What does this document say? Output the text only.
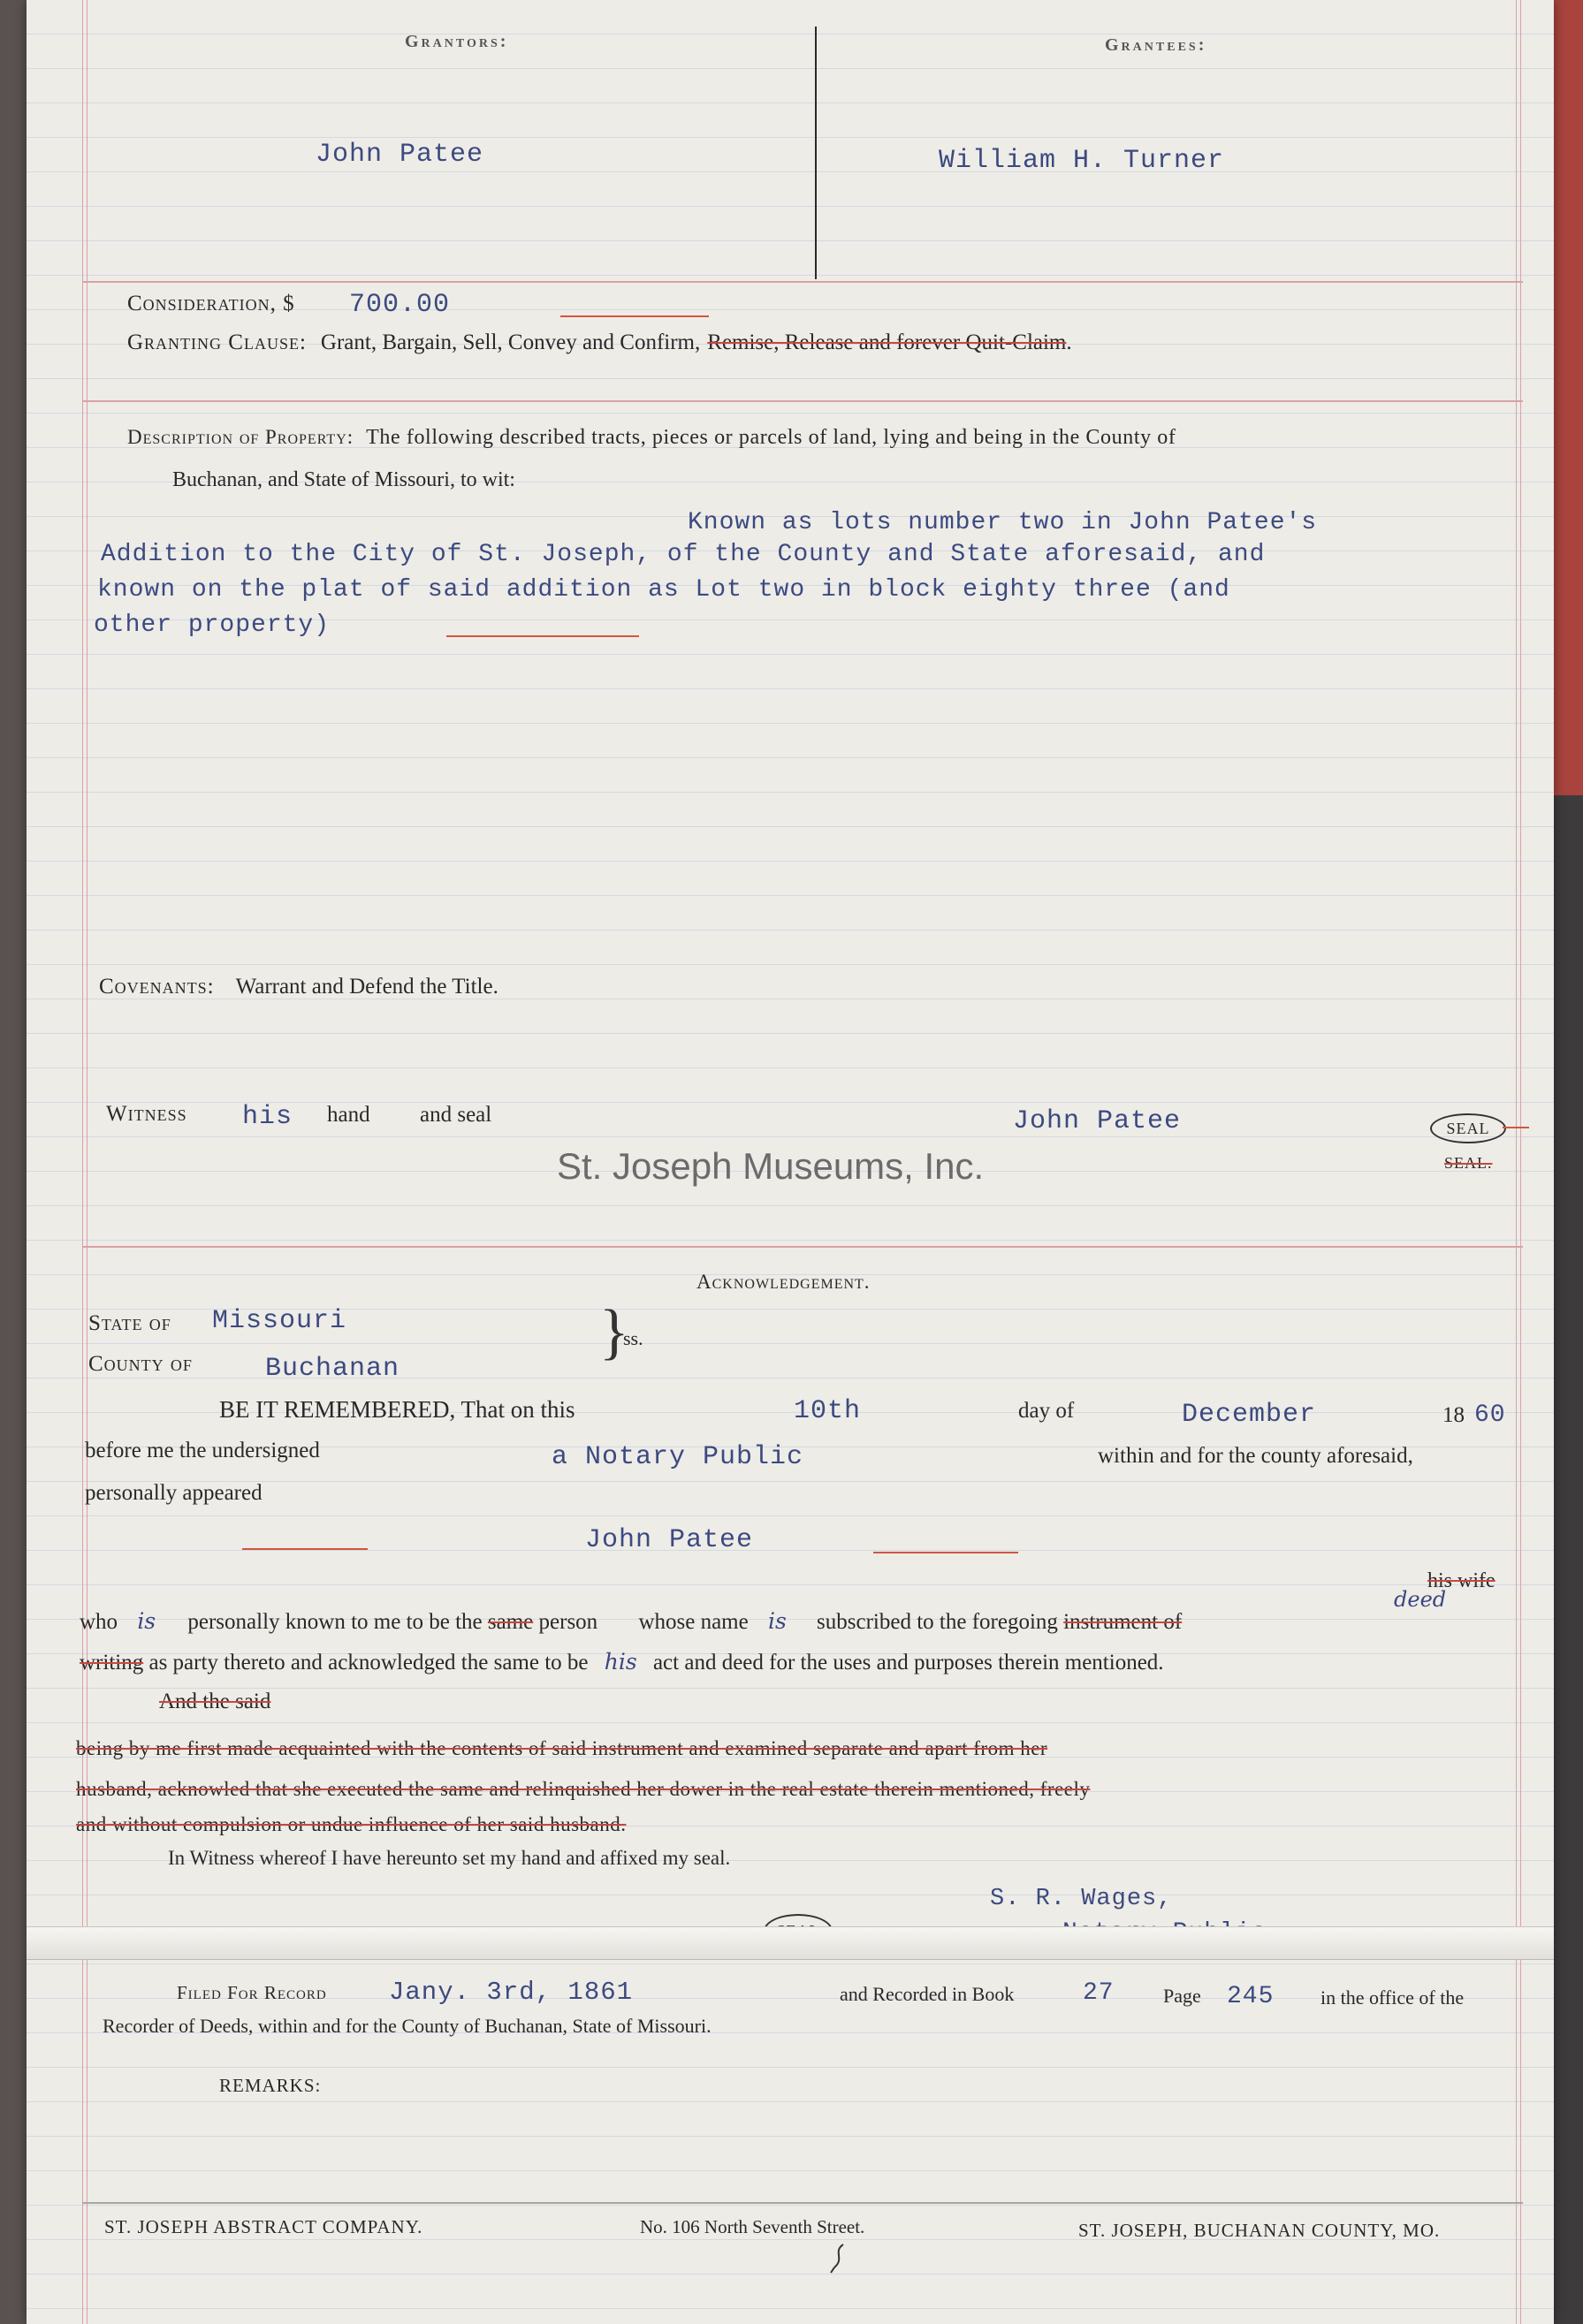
Grantors:	Grantees:
John Patee	William H. Turner
Consideration, $ 700.00
Granting Clause: Grant, Bargain, Sell, Convey and Confirm, Remise, Release and forever Quit-Claim.
Description of Property: The following described tracts, pieces or parcels of land, lying and being in the County of
Buchanan, and State of Missouri, to wit:
Known as lots number two in John Patee's
Addition to the City of St. Joseph, of the County and State aforesaid, and
known on the plat of said addition as Lot two in block eighty three (and
other property)
Covenants: Warrant and Defend the Title.
Witness his hand and seal	John Patee	SEAL
SEAL.
St. Joseph Museums, Inc.
Acknowledgement.
State of Missouri
County of	Buchanan
}
ss.
BE IT REMEMBERED, That on this	10th	day of	December	18 60
before me the undersigned	a Notary Public	within and for the county aforesaid,
personally appeared
John Patee
his wife
deed
who is personally known to me to be the same person whose name is subscribed to the foregoing instrument of
writing as party thereto and acknowledged the same to be his act and deed for the uses and purposes therein mentioned.
And the said
being by me first made acquainted with the contents of said instrument and examined separate and apart from her
husband, acknowled that she executed the same and relinquished her dower in the real estate therein mentioned, freely
and without compulsion or undue influence of her said husband.
In Witness whereof I have hereunto set my hand and affixed my seal.
S. R. Wages,
Filed For Record Jany. 3rd, 1861	and Recorded in Book	27	Page 245 in the office of the
Recorder of Deeds, within and for the County of Buchanan, State of Missouri.
REMARKS:
ST. JOSEPH ABSTRACT COMPANY.	No. 106 North Seventh Street.	ST. JOSEPH, BUCHANAN COUNTY, MO.
